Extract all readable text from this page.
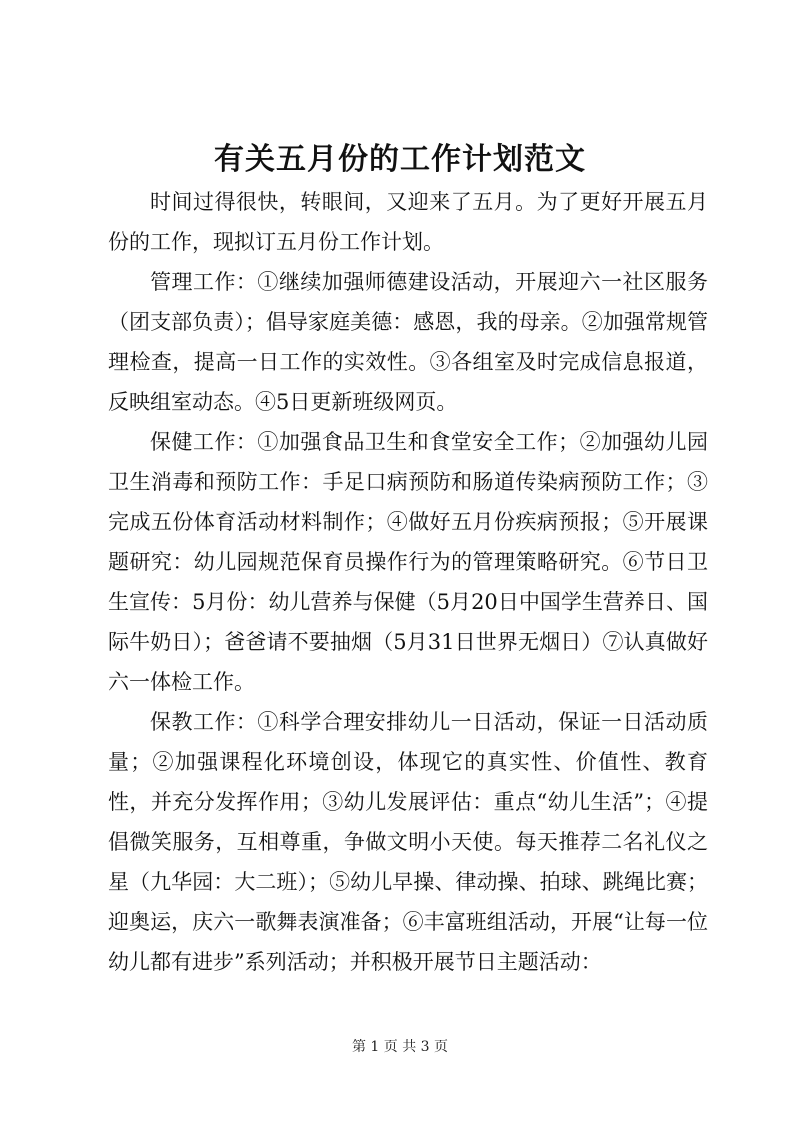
有关五月份的工作计划范文

时间过得很快，转眼间，又迎来了五月。为了更好开展五月份的工作，现拟订五月份工作计划。

管理工作：①继续加强师德建设活动，开展迎六一社区服务（团支部负责）；倡导家庭美德：感恩，我的母亲。②加强常规管理检查，提高一日工作的实效性。③各组室及时完成信息报道，反映组室动态。④5日更新班级网页。

保健工作：①加强食品卫生和食堂安全工作；②加强幼儿园卫生消毒和预防工作：手足口病预防和肠道传染病预防工作；③完成五份体育活动材料制作；④做好五月份疾病预报；⑤开展课题研究：幼儿园规范保育员操作行为的管理策略研究。⑥节日卫生宣传：5月份：幼儿营养与保健（5月20日中国学生营养日、国际牛奶日）；爸爸请不要抽烟（5月31日世界无烟日）⑦认真做好六一体检工作。

保教工作：①科学合理安排幼儿一日活动，保证一日活动质量；②加强课程化环境创设，体现它的真实性、价值性、教育性，并充分发挥作用；③幼儿发展评估：重点“幼儿生活”；④提倡微笑服务，互相尊重，争做文明小天使。每天推荐二名礼仪之星（九华园：大二班）；⑤幼儿早操、律动操、拍球、跳绳比赛；迎奥运，庆六一歌舞表演准备；⑥丰富班组活动，开展“让每一位幼儿都有进步”系列活动；并积极开展节日主题活动：

第 1 页 共 3 页
